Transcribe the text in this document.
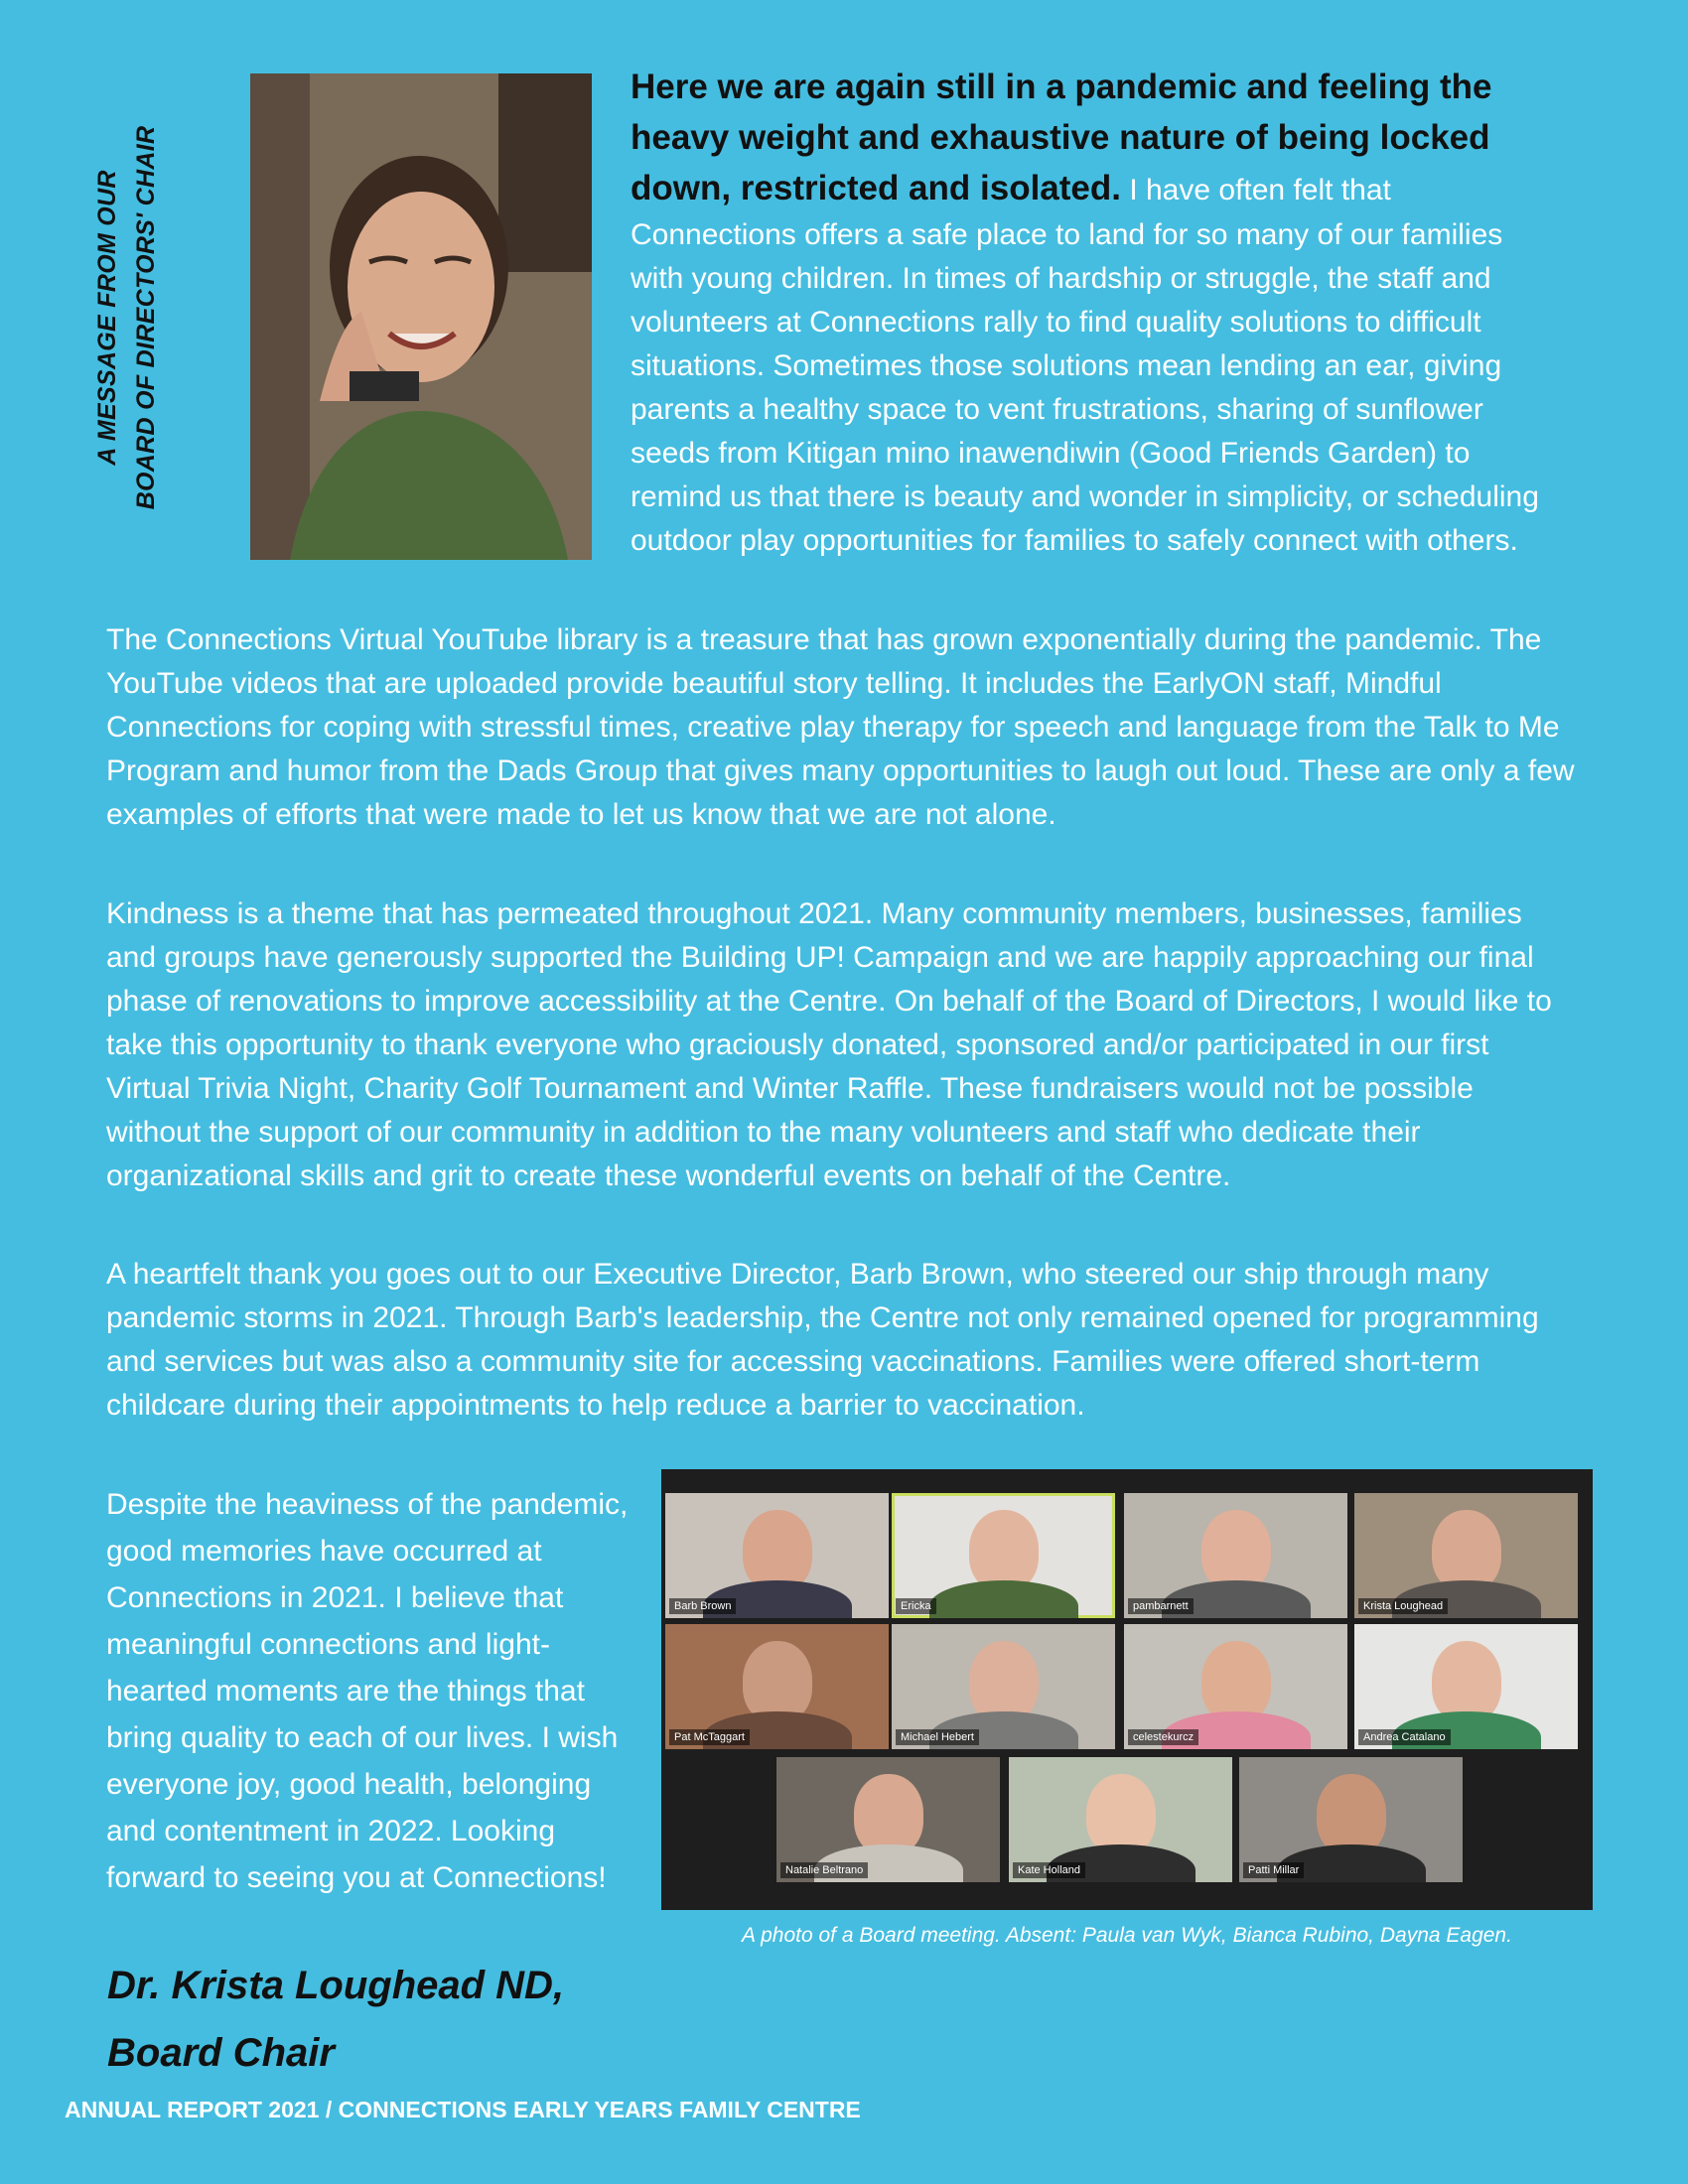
A MESSAGE FROM OUR BOARD OF DIRECTORS' CHAIR
Here we are again still in a pandemic and feeling the heavy weight and exhaustive nature of being locked down, restricted and isolated. I have often felt that Connections offers a safe place to land for so many of our families with young children. In times of hardship or struggle, the staff and volunteers at Connections rally to find quality solutions to difficult situations. Sometimes those solutions mean lending an ear, giving parents a healthy space to vent frustrations, sharing of sunflower seeds from Kitigan mino inawendiwin (Good Friends Garden) to remind us that there is beauty and wonder in simplicity, or scheduling outdoor play opportunities for families to safely connect with others.

The Connections Virtual YouTube library is a treasure that has grown exponentially during the pandemic. The YouTube videos that are uploaded provide beautiful story telling. It includes the EarlyON staff, Mindful Connections for coping with stressful times, creative play therapy for speech and language from the Talk to Me Program and humor from the Dads Group that gives many opportunities to laugh out loud. These are only a few examples of efforts that were made to let us know that we are not alone.

Kindness is a theme that has permeated throughout 2021. Many community members, businesses, families and groups have generously supported the Building UP! Campaign and we are happily approaching our final phase of renovations to improve accessibility at the Centre. On behalf of the Board of Directors, I would like to take this opportunity to thank everyone who graciously donated, sponsored and/or participated in our first Virtual Trivia Night, Charity Golf Tournament and Winter Raffle. These fundraisers would not be possible without the support of our community in addition to the many volunteers and staff who dedicate their organizational skills and grit to create these wonderful events on behalf of the Centre.

A heartfelt thank you goes out to our Executive Director, Barb Brown, who steered our ship through many pandemic storms in 2021. Through Barb's leadership, the Centre not only remained opened for programming and services but was also a community site for accessing vaccinations. Families were offered short-term childcare during their appointments to help reduce a barrier to vaccination.

Despite the heaviness of the pandemic, good memories have occurred at Connections in 2021. I believe that meaningful connections and light-hearted moments are the things that bring quality to each of our lives. I wish everyone joy, good health, belonging and contentment in 2022. Looking forward to seeing you at Connections!
Dr. Krista Loughead ND,
Board Chair
Barb Brown	Ericka	pambarnett	Krista Loughead
Pat McTaggart	Michael Hebert	celestekurcz	Andrea Catalano
Natalie Beltrano	Kate Holland	Patti Millar
A photo of a Board meeting. Absent: Paula van Wyk, Bianca Rubino, Dayna Eagen.
ANNUAL REPORT 2021 / CONNECTIONS EARLY YEARS FAMILY CENTRE
